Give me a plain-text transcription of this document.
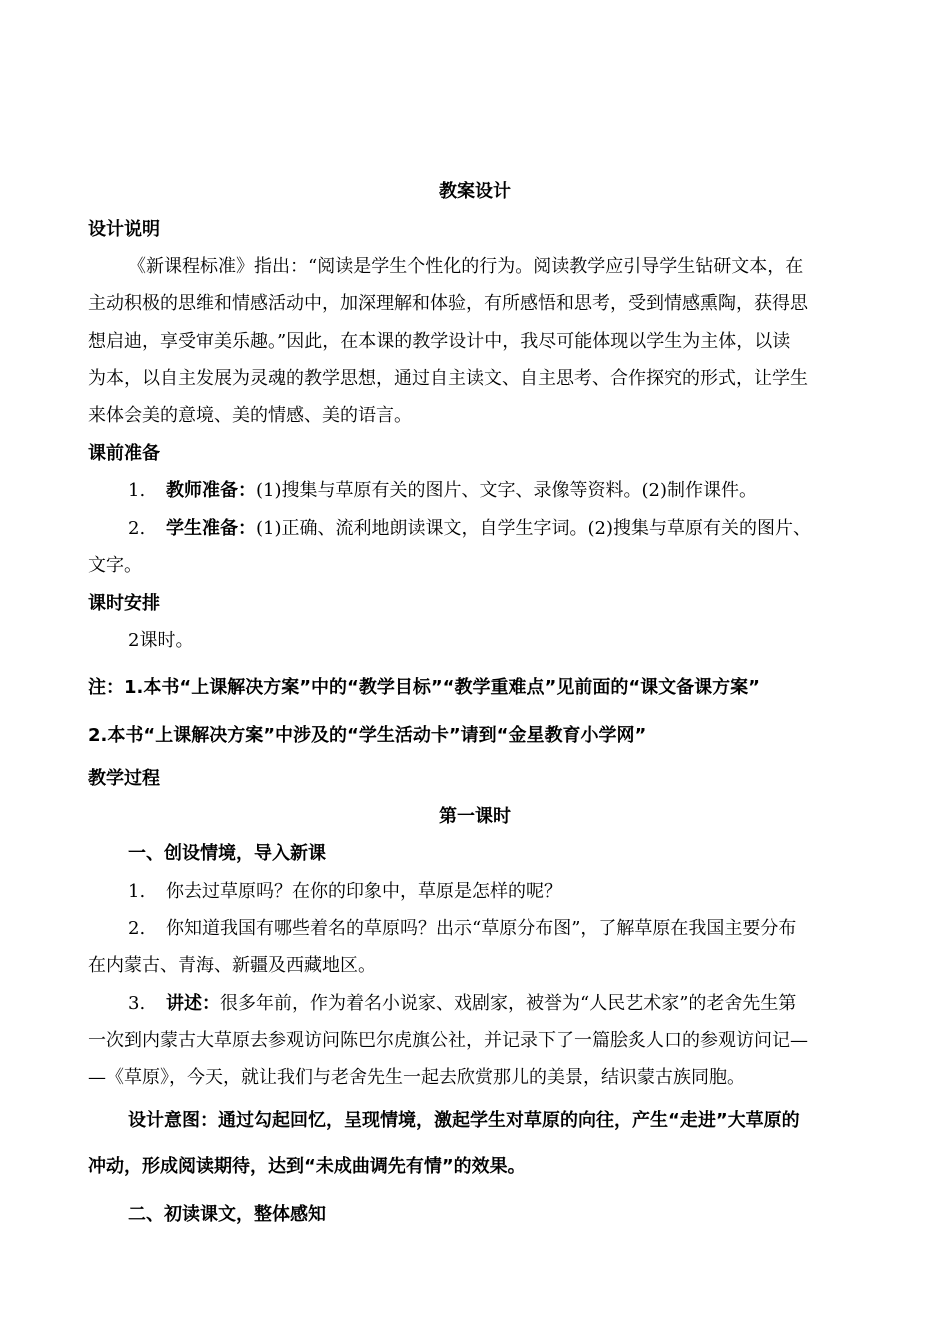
教案设计
设计说明
《新课程标准》指出：“阅读是学生个性化的行为。阅读教学应引导学生钻研文本，在
主动积极的思维和情感活动中，加深理解和体验，有所感悟和思考，受到情感熏陶，获得思
想启迪，享受审美乐趣。”因此，在本课的教学设计中，我尽可能体现以学生为主体，以读
为本，以自主发展为灵魂的教学思想，通过自主读文、自主思考、合作探究的形式，让学生
来体会美的意境、美的情感、美的语言。
课前准备
1. 教师准备：(1)搜集与草原有关的图片、文字、录像等资料。(2)制作课件。
2. 学生准备：(1)正确、流利地朗读课文，自学生字词。(2)搜集与草原有关的图片、
文字。
课时安排
2课时。
注：1.本书“上课解决方案”中的“教学目标”“教学重难点”见前面的“课文备课方案”
2.本书“上课解决方案”中涉及的“学生活动卡”请到“金星教育小学网”
教学过程
第一课时
一、创设情境，导入新课
1. 你去过草原吗？在你的印象中，草原是怎样的呢？
2. 你知道我国有哪些着名的草原吗？出示“草原分布图”，了解草原在我国主要分布
在内蒙古、青海、新疆及西藏地区。
3. 讲述：很多年前，作为着名小说家、戏剧家，被誉为“人民艺术家”的老舍先生第
一次到内蒙古大草原去参观访问陈巴尔虎旗公社，并记录下了一篇脍炙人口的参观访问记—
—《草原》，今天，就让我们与老舍先生一起去欣赏那儿的美景，结识蒙古族同胞。
设计意图：通过勾起回忆，呈现情境，激起学生对草原的向往，产生“走进”大草原的
冲动，形成阅读期待，达到“未成曲调先有情”的效果。
二、初读课文，整体感知
